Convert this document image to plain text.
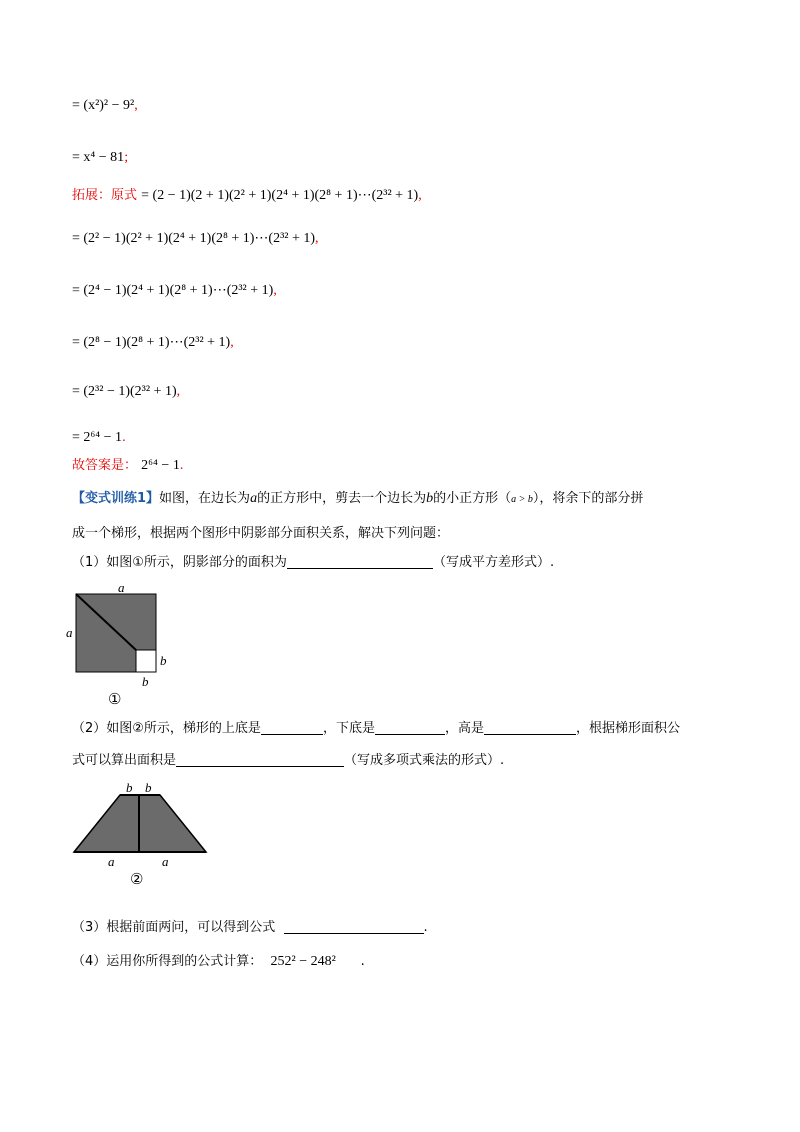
= (x²)² − 9²,
= x⁴ − 81;
拓展：原式 = (2 − 1)(2 + 1)(2² + 1)(2⁴ + 1)(2⁸ + 1)⋯(2³² + 1),
= (2² − 1)(2² + 1)(2⁴ + 1)(2⁸ + 1)⋯(2³² + 1),
= (2⁴ − 1)(2⁴ + 1)(2⁸ + 1)⋯(2³² + 1),
= (2⁸ − 1)(2⁸ + 1)⋯(2³² + 1),
= (2³² − 1)(2³² + 1),
= 2⁶⁴ − 1.
故答案是： 2⁶⁴ − 1.
【变式训练1】如图，在边长为a的正方形中，剪去一个边长为b的小正方形（a > b），将余下的部分拼
成一个梯形，根据两个图形中阴影部分面积关系，解决下列问题：
（1）如图①所示，阴影部分的面积为	（写成平方差形式）.
a
a
b
b
①
（2）如图②所示，梯形的上底是	，下底是	，高是	，根据梯形面积公
式可以算出面积是	（写成多项式乘法的形式）.
b b
a	a
②
（3）根据前面两问，可以得到公式	.
（4）运用你所得到的公式计算： 252² − 248² .
